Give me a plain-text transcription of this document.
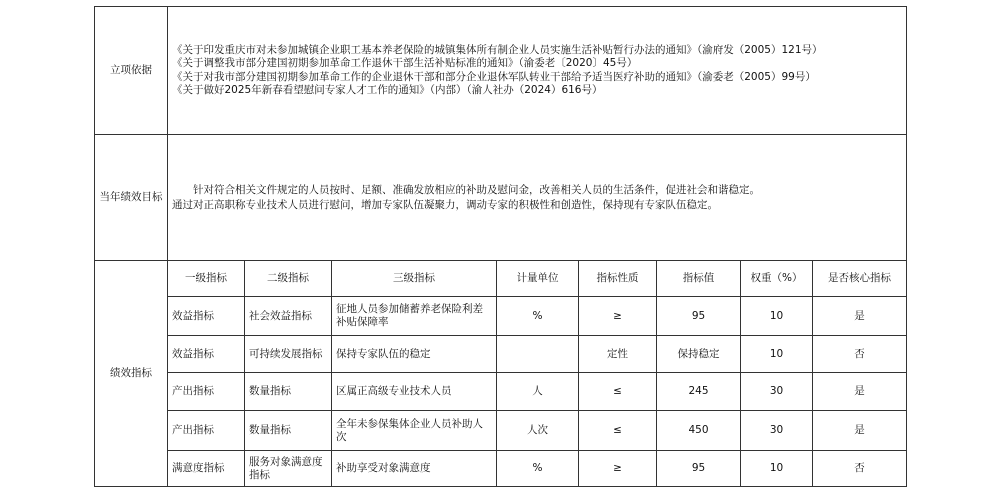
立项依据	《关于印发重庆市对未参加城镇企业职工基本养老保险的城镇集体所有制企业人员实施生活补贴暂行办法的通知》（渝府发（2005）121号）

《关于调整我市部分建国初期参加革命工作退休干部生活补贴标准的通知》（渝委老〔2020〕45号）

《关于对我市部分建国初期参加革命工作的企业退休干部和部分企业退休军队转业干部给予适当医疗补助的通知》（渝委老（2005）99号）

《关于做好2025年新春看望慰问专家人才工作的通知》（内部）（渝人社办（2024）616号）							

当年绩效目标	针对符合相关文件规定的人员按时、足额、准确发放相应的补助及慰问金，改善相关人员的生活条件，促进社会和谐稳定。

通过对正高职称专业技术人员进行慰问，增加专家队伍凝聚力，调动专家的积极性和创造性，保持现有专家队伍稳定。							

绩效指标	一级指标	二级指标	三级指标	计量单位	指标性质	指标值	权重（%）	是否核心指标
	效益指标	社会效益指标	征地人员参加储蓄养老保险利差补贴保障率	%	≥	95	10	是
	效益指标	可持续发展指标	保持专家队伍的稳定		定性	保持稳定	10	否
	产出指标	数量指标	区属正高级专业技术人员	人	≤	245	30	是
	产出指标	数量指标	全年未参保集体企业人员补助人次	人次	≤	450	30	是
	满意度指标	服务对象满意度指标	补助享受对象满意度	%	≥	95	10	否
